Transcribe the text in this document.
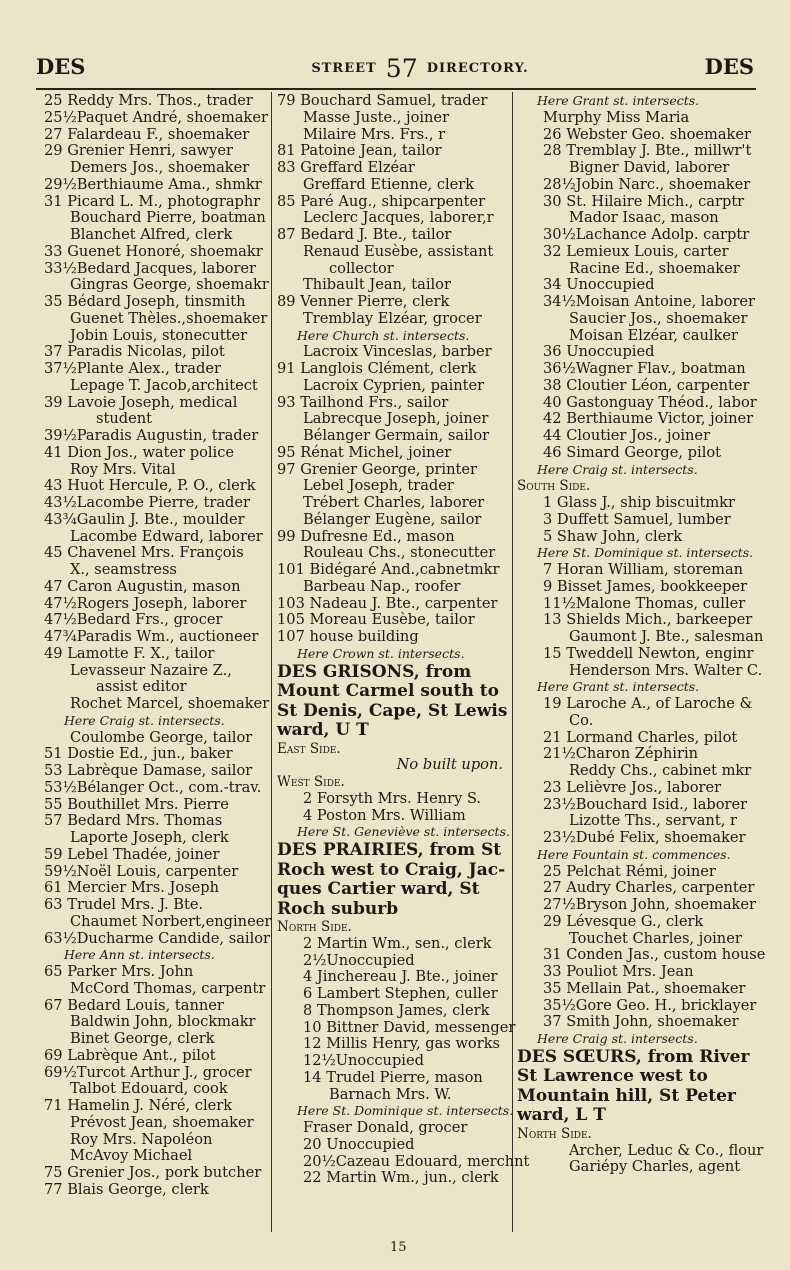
DES	STREET 57 DIRECTORY.	DES
25 Reddy Mrs. Thos., trader
25½Paquet André, shoemaker
27 Falardeau F., shoemaker
29 Grenier Henri, sawyer
Demers Jos., shoemaker
29½Berthiaume Ama., shmkr
31 Picard L. M., photographr
Bouchard Pierre, boatman
Blanchet Alfred, clerk
33 Guenet Honoré, shoemakr
33½Bedard Jacques, laborer
Gingras George, shoemakr
35 Bédard Joseph, tinsmith
Guenet Thèles.,shoemaker
Jobin Louis, stonecutter
37 Paradis Nicolas, pilot
37½Plante Alex., trader
Lepage T. Jacob,architect
39 Lavoie Joseph, medical
student
39½Paradis Augustin, trader
41 Dion Jos., water police
Roy Mrs. Vital
43 Huot Hercule, P. O., clerk
43½Lacombe Pierre, trader
43¾Gaulin J. Bte., moulder
Lacombe Edward, laborer
45 Chavenel Mrs. François
X., seamstress
47 Caron Augustin, mason
47½Rogers Joseph, laborer
47½Bedard Frs., grocer
47¾Paradis Wm., auctioneer
49 Lamotte F. X., tailor
Levasseur Nazaire Z.,
assist editor
Rochet Marcel, shoemaker
Here Craig st. intersects.
Coulombe George, tailor
51 Dostie Ed., jun., baker
53 Labrèque Damase, sailor
53½Bélanger Oct., com.-trav.
55 Bouthillet Mrs. Pierre
57 Bedard Mrs. Thomas
Laporte Joseph, clerk
59 Lebel Thadée, joiner
59½Noël Louis, carpenter
61 Mercier Mrs. Joseph
63 Trudel Mrs. J. Bte.
Chaumet Norbert,engineer
63½Ducharme Candide, sailor
Here Ann st. intersects.
65 Parker Mrs. John
McCord Thomas, carpentr
67 Bedard Louis, tanner
Baldwin John, blockmakr
Binet George, clerk
69 Labrèque Ant., pilot
69½Turcot Arthur J., grocer
Talbot Edouard, cook
71 Hamelin J. Néré, clerk
Prévost Jean, shoemaker
Roy Mrs. Napoléon
McAvoy Michael
75 Grenier Jos., pork butcher
77 Blais George, clerk
79 Bouchard Samuel, trader
Masse Juste., joiner
Milaire Mrs. Frs., r
81 Patoine Jean, tailor
83 Greffard Elzéar
Greffard Etienne, clerk
85 Paré Aug., shipcarpenter
Leclerc Jacques, laborer,r
87 Bedard J. Bte., tailor
Renaud Eusèbe, assistant
collector
Thibault Jean, tailor
89 Venner Pierre, clerk
Tremblay Elzéar, grocer
Here Church st. intersects.
Lacroix Vinceslas, barber
91 Langlois Clément, clerk
Lacroix Cyprien, painter
93 Tailhond Frs., sailor
Labrecque Joseph, joiner
Bélanger Germain, sailor
95 Rénat Michel, joiner
97 Grenier George, printer
Lebel Joseph, trader
Trébert Charles, laborer
Bélanger Eugène, sailor
99 Dufresne Ed., mason
Rouleau Chs., stonecutter
101 Bidégaré And.,cabnetmkr
Barbeau Nap., roofer
103 Nadeau J. Bte., carpenter
105 Moreau Eusèbe, tailor
107 house building
Here Crown st. intersects.
DES GRISONS, from
Mount Carmel south to
St Denis, Cape, St Lewis
ward, U T
East Side.
No built upon.
West Side.
2 Forsyth Mrs. Henry S.
4 Poston Mrs. William
Here St. Geneviève st. intersects.
DES PRAIRIES, from St
Roch west to Craig, Jac-
ques Cartier ward, St
Roch suburb
North Side.
2 Martin Wm., sen., clerk
2½Unoccupied
4 Jinchereau J. Bte., joiner
6 Lambert Stephen, culler
8 Thompson James, clerk
10 Bittner David, messenger
12 Millis Henry, gas works
12½Unoccupied
14 Trudel Pierre, mason
Barnach Mrs. W.
Here St. Dominique st. intersects.
Fraser Donald, grocer
20 Unoccupied
20½Cazeau Edouard, merchnt
22 Martin Wm., jun., clerk
Here Grant st. intersects.
Murphy Miss Maria
26 Webster Geo. shoemaker
28 Tremblay J. Bte., millwr't
Bigner David, laborer
28½Jobin Narc., shoemaker
30 St. Hilaire Mich., carptr
Mador Isaac, mason
30½Lachance Adolp. carptr
32 Lemieux Louis, carter
Racine Ed., shoemaker
34 Unoccupied
34½Moisan Antoine, laborer
Saucier Jos., shoemaker
Moisan Elzéar, caulker
36 Unoccupied
36½Wagner Flav., boatman
38 Cloutier Léon, carpenter
40 Gastonguay Théod., labor
42 Berthiaume Victor, joiner
44 Cloutier Jos., joiner
46 Simard George, pilot
Here Craig st. intersects.
South Side.
1 Glass J., ship biscuitmkr
3 Duffett Samuel, lumber
5 Shaw John, clerk
Here St. Dominique st. intersects.
7 Horan William, storeman
9 Bisset James, bookkeeper
11½Malone Thomas, culler
13 Shields Mich., barkeeper
Gaumont J. Bte., salesman
15 Tweddell Newton, enginr
Henderson Mrs. Walter C.
Here Grant st. intersects.
19 Laroche A., of Laroche &
Co.
21 Lormand Charles, pilot
21½Charon Zéphirin
Reddy Chs., cabinet mkr
23 Lelièvre Jos., laborer
23½Bouchard Isid., laborer
Lizotte Ths., servant, r
23½Dubé Felix, shoemaker
Here Fountain st. commences.
25 Pelchat Rémi, joiner
27 Audry Charles, carpenter
27½Bryson John, shoemaker
29 Lévesque G., clerk
Touchet Charles, joiner
31 Conden Jas., custom house
33 Pouliot Mrs. Jean
35 Mellain Pat., shoemaker
35½Gore Geo. H., bricklayer
37 Smith John, shoemaker
Here Craig st. intersects.
DES SŒURS, from River
St Lawrence west to
Mountain hill, St Peter
ward, L T
North Side.
Archer, Leduc & Co., flour
Gariépy Charles, agent
15
